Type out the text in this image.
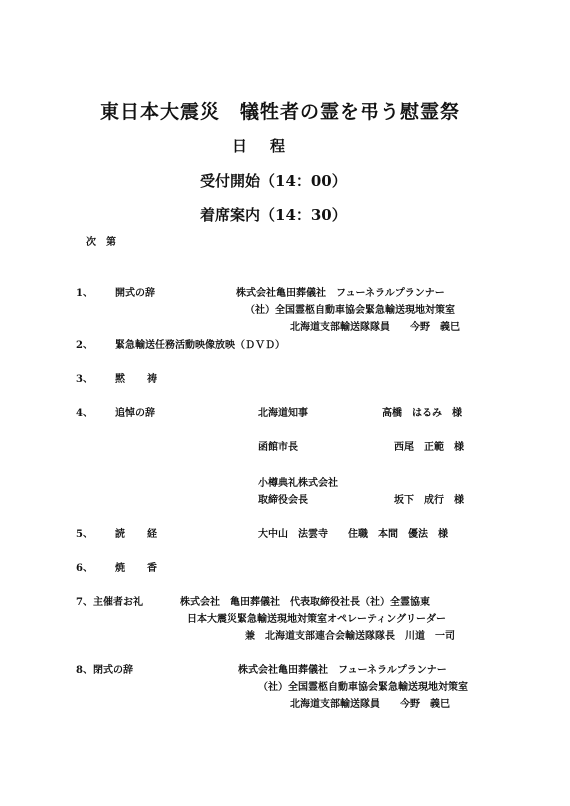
東日本大震災　犠牲者の霊を弔う慰霊祭
日　程
受付開始（14：00）
着席案内（14：30）
次　第
1、 開式の辞	株式会社亀田葬儀社　フューネラルプランナー
（社）全国霊柩自動車協会緊急輸送現地対策室
北海道支部輸送隊隊員　　今野　義巳
2、 緊急輸送任務活動映像放映（ＤＶＤ）
3、 黙　祷
4、 追悼の辞	北海道知事	高橋　はるみ　様
函館市長	西尾　正範　様
小樽典礼株式会社
取締役会長	坂下　成行　様
5、 読　経	大中山　法雲寺　　住職　本間　優法　様
6、 焼　香
7、主催者お礼	株式会社　亀田葬儀社　代表取締役社長（社）全霊協東
日本大震災緊急輸送現地対策室オペレーティングリーダー
兼　北海道支部連合会輸送隊隊長　川道　一司
8、閉式の辞	株式会社亀田葬儀社　フューネラルプランナー
（社）全国霊柩自動車協会緊急輸送現地対策室
北海道支部輸送隊員　　今野　義巳
